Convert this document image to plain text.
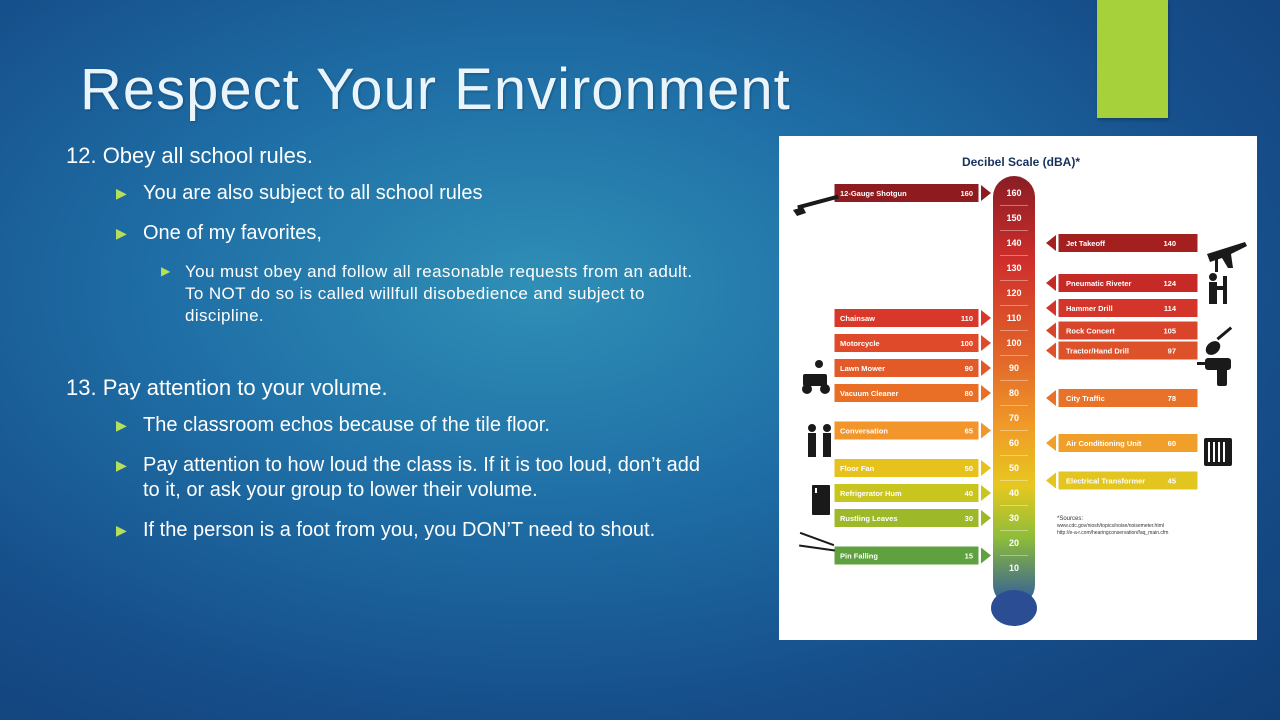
Respect Your Environment

12. Obey all school rules.

▶ You are also subject to all school rules
▶ One of my favorites,
▶ You must obey and follow all reasonable requests from an adult. To NOT do so is called willfull disobedience and subject to discipline.

13. Pay attention to your volume.

▶ The classroom echos because of the tile floor.
▶ Pay attention to how loud the class is. If it is too loud, don’t add to it, or ask your group to lower their volume.
▶ If the person is a foot from you, you DON’T need to shout.
Decibel Scale (dBA)*
160
150
140
130
120
110
100
90
80
70
60
50
40
30
20
10
12-Gauge Shotgun	160
Chainsaw	110
Motorcycle	100
Lawn Mower	90
Vacuum Cleaner	80
Conversation	65
Floor Fan	50
Refrigerator Hum	40
Rustling Leaves	30
Pin Falling	15
Jet Takeoff	140
Pneumatic Riveter	124
Hammer Drill	114
Rock Concert	105
Tractor/Hand Drill	97
City Traffic	78
Air Conditioning Unit	60
Electrical Transformer	45
*Sources:
www.cdc.gov/niosh/topics/noise/noisemeter.html
http://e-a-r.com/hearingconservation/faq_main.cfm
